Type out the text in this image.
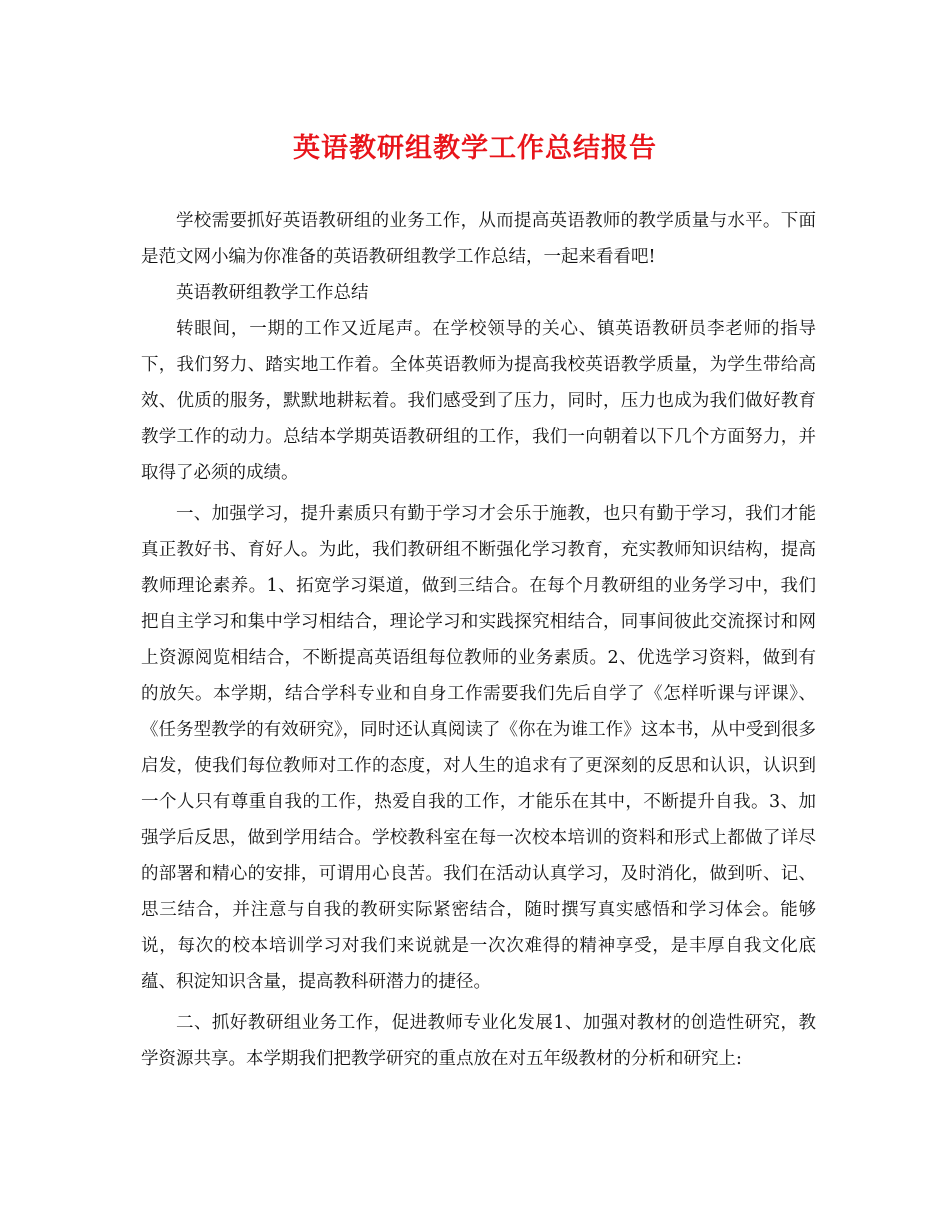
英语教研组教学工作总结报告

学校需要抓好英语教研组的业务工作，从而提高英语教师的教学质量与水平。下面是范文网小编为你准备的英语教研组教学工作总结，一起来看看吧!

英语教研组教学工作总结

转眼间，一期的工作又近尾声。在学校领导的关心、镇英语教研员李老师的指导下，我们努力、踏实地工作着。全体英语教师为提高我校英语教学质量，为学生带给高效、优质的服务，默默地耕耘着。我们感受到了压力，同时，压力也成为我们做好教育教学工作的动力。总结本学期英语教研组的工作，我们一向朝着以下几个方面努力，并取得了必须的成绩。

一、加强学习，提升素质只有勤于学习才会乐于施教，也只有勤于学习，我们才能真正教好书、育好人。为此，我们教研组不断强化学习教育，充实教师知识结构，提高教师理论素养。1、拓宽学习渠道，做到三结合。在每个月教研组的业务学习中，我们把自主学习和集中学习相结合，理论学习和实践探究相结合，同事间彼此交流探讨和网上资源阅览相结合，不断提高英语组每位教师的业务素质。2、优选学习资料，做到有的放矢。本学期，结合学科专业和自身工作需要我们先后自学了《怎样听课与评课》、《任务型教学的有效研究》，同时还认真阅读了《你在为谁工作》这本书，从中受到很多启发，使我们每位教师对工作的态度，对人生的追求有了更深刻的反思和认识，认识到一个人只有尊重自我的工作，热爱自我的工作，才能乐在其中，不断提升自我。3、加强学后反思，做到学用结合。学校教科室在每一次校本培训的资料和形式上都做了详尽的部署和精心的安排，可谓用心良苦。我们在活动认真学习，及时消化，做到听、记、思三结合，并注意与自我的教研实际紧密结合，随时撰写真实感悟和学习体会。能够说，每次的校本培训学习对我们来说就是一次次难得的精神享受，是丰厚自我文化底蕴、积淀知识含量，提高教科研潜力的捷径。

二、抓好教研组业务工作，促进教师专业化发展1、加强对教材的创造性研究，教学资源共享。本学期我们把教学研究的重点放在对五年级教材的分析和研究上:
